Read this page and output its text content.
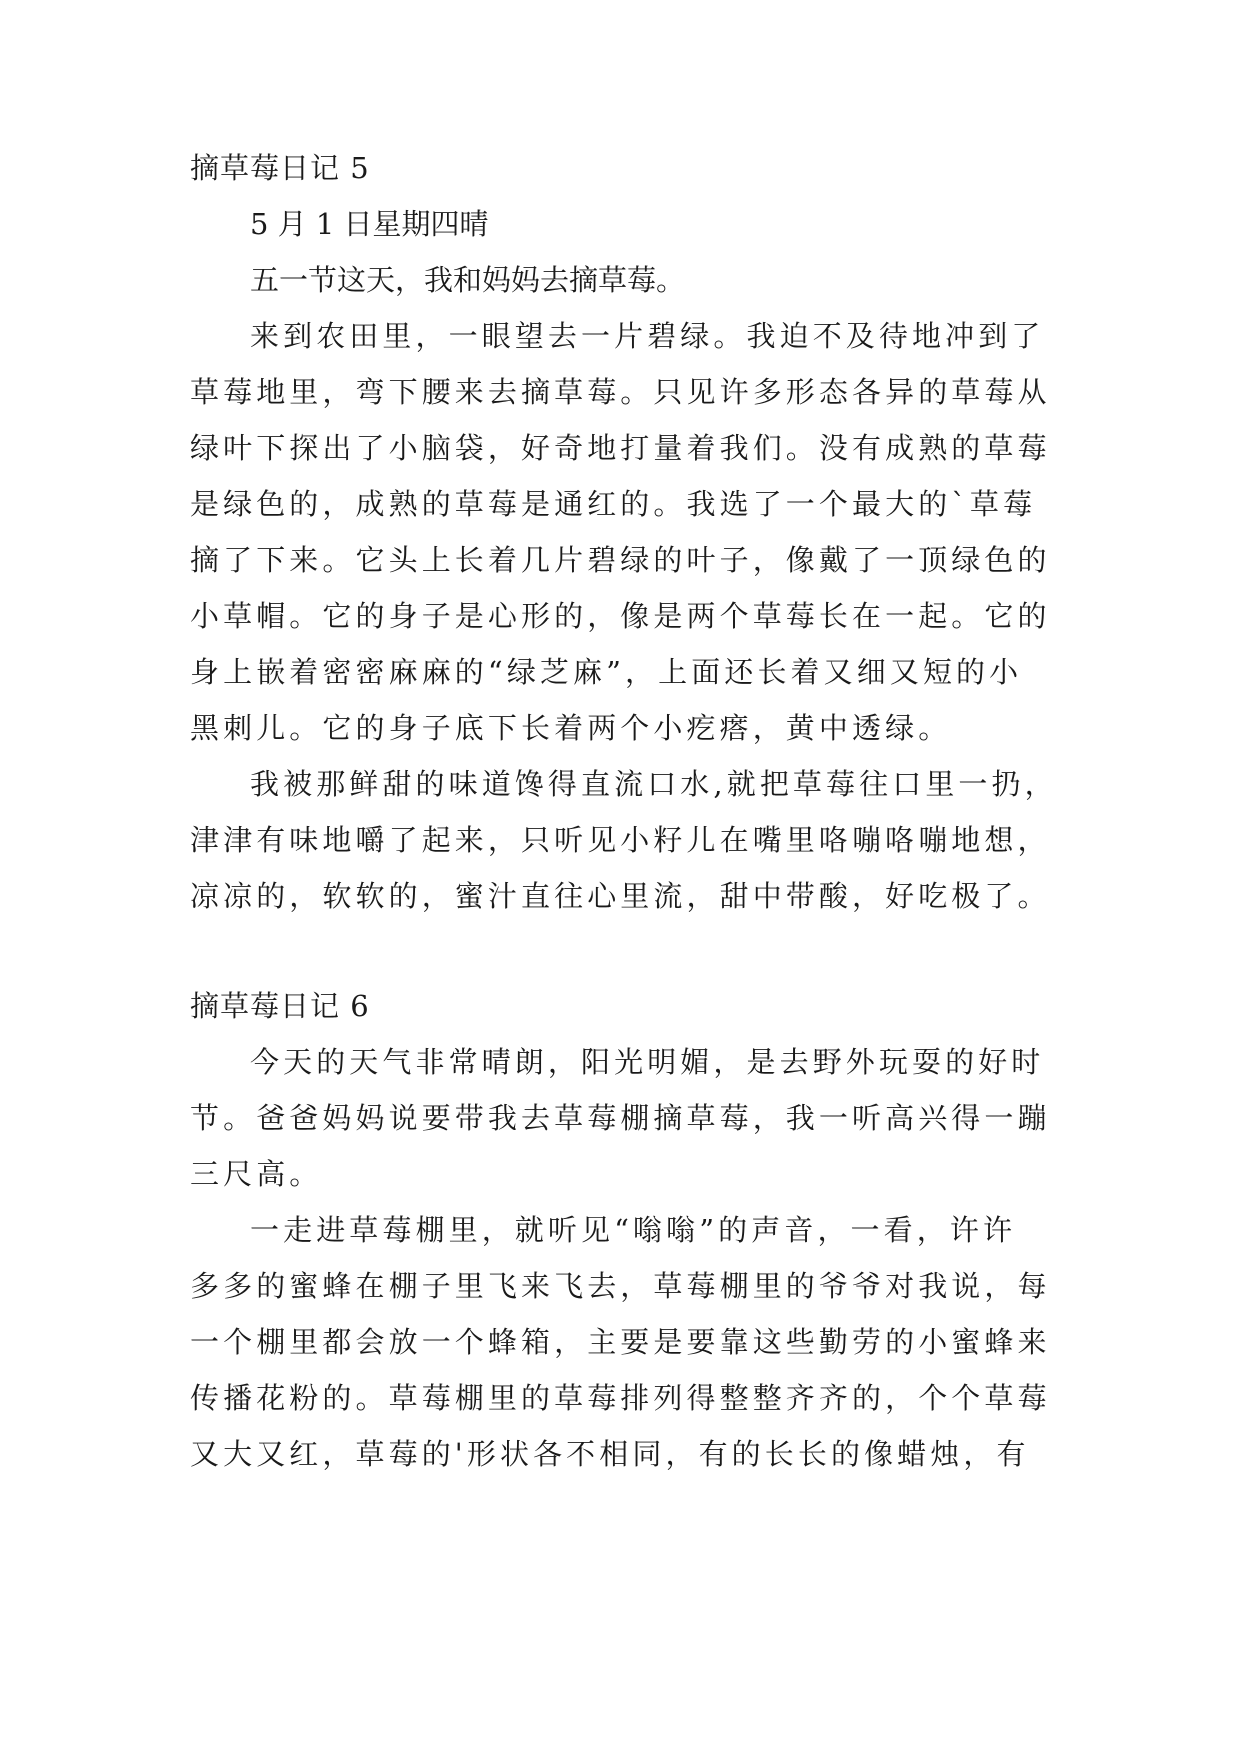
摘草莓日记 5
5 月 1 日星期四晴
五一节这天，我和妈妈去摘草莓。
来到农田里，一眼望去一片碧绿。我迫不及待地冲到了
草莓地里，弯下腰来去摘草莓。只见许多形态各异的草莓从
绿叶下探出了小脑袋，好奇地打量着我们。没有成熟的草莓
是绿色的，成熟的草莓是通红的。我选了一个最大的`草莓
摘了下来。它头上长着几片碧绿的叶子，像戴了一顶绿色的
小草帽。它的身子是心形的，像是两个草莓长在一起。它的
身上嵌着密密麻麻的“绿芝麻”，上面还长着又细又短的小
黑刺儿。它的身子底下长着两个小疙瘩，黄中透绿。
我被那鲜甜的味道馋得直流口水,就把草莓往口里一扔，
津津有味地嚼了起来，只听见小籽儿在嘴里咯嘣咯嘣地想，
凉凉的，软软的，蜜汁直往心里流，甜中带酸，好吃极了。
摘草莓日记 6
今天的天气非常晴朗，阳光明媚，是去野外玩耍的好时
节。爸爸妈妈说要带我去草莓棚摘草莓，我一听高兴得一蹦
三尺高。
一走进草莓棚里，就听见“嗡嗡”的声音，一看，许许
多多的蜜蜂在棚子里飞来飞去，草莓棚里的爷爷对我说，每
一个棚里都会放一个蜂箱，主要是要靠这些勤劳的小蜜蜂来
传播花粉的。草莓棚里的草莓排列得整整齐齐的，个个草莓
又大又红，草莓的'形状各不相同，有的长长的像蜡烛，有
